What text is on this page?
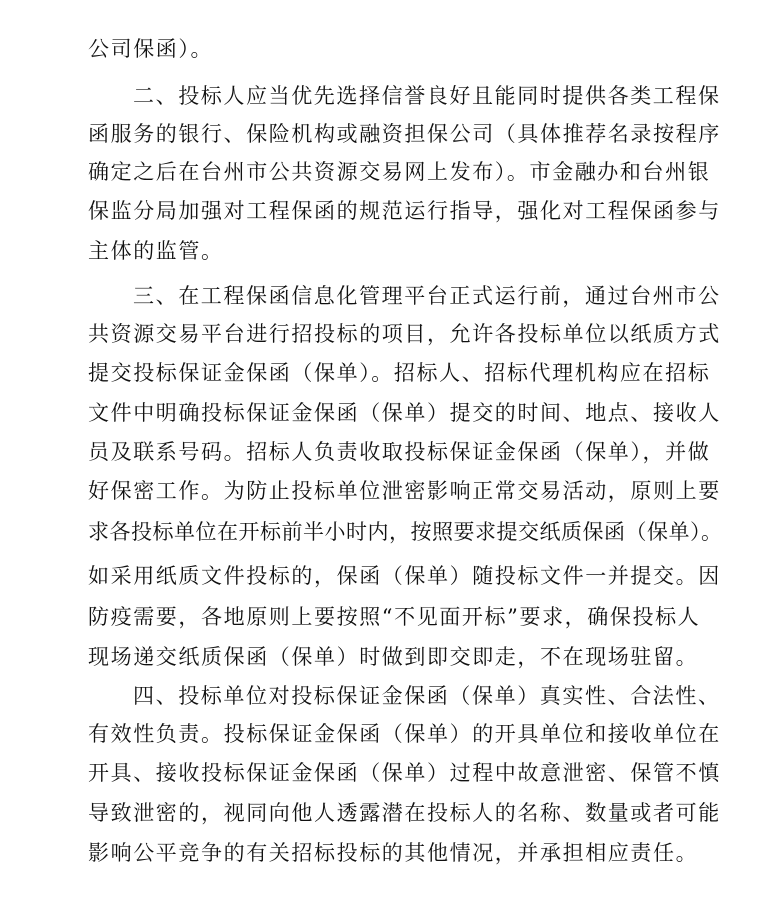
公司保函）。
二、投标人应当优先选择信誉良好且能同时提供各类工程保
函服务的银行、保险机构或融资担保公司（具体推荐名录按程序
确定之后在台州市公共资源交易网上发布）。市金融办和台州银
保监分局加强对工程保函的规范运行指导，强化对工程保函参与
主体的监管。
三、在工程保函信息化管理平台正式运行前，通过台州市公
共资源交易平台进行招投标的项目，允许各投标单位以纸质方式
提交投标保证金保函（保单）。招标人、招标代理机构应在招标
文件中明确投标保证金保函（保单）提交的时间、地点、接收人
员及联系号码。招标人负责收取投标保证金保函（保单），并做
好保密工作。为防止投标单位泄密影响正常交易活动，原则上要
求各投标单位在开标前半小时内，按照要求提交纸质保函（保单）。
如采用纸质文件投标的，保函（保单）随投标文件一并提交。因
防疫需要，各地原则上要按照“不见面开标”要求，确保投标人
现场递交纸质保函（保单）时做到即交即走，不在现场驻留。
四、投标单位对投标保证金保函（保单）真实性、合法性、
有效性负责。投标保证金保函（保单）的开具单位和接收单位在
开具、接收投标保证金保函（保单）过程中故意泄密、保管不慎
导致泄密的，视同向他人透露潜在投标人的名称、数量或者可能
影响公平竞争的有关招标投标的其他情况，并承担相应责任。
